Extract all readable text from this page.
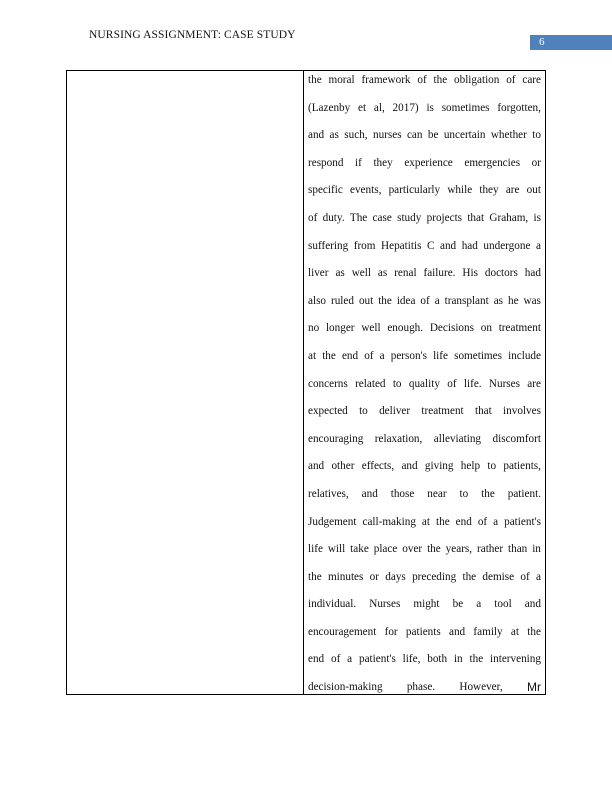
NURSING ASSIGNMENT: CASE STUDY
6
the moral framework of the obligation of care
(Lazenby et al, 2017) is sometimes forgotten,
and as such, nurses can be uncertain whether to
respond if they experience emergencies or
specific events, particularly while they are out
of duty. The case study projects that Graham, is
suffering from Hepatitis C and had undergone a
liver as well as renal failure. His doctors had
also ruled out the idea of a transplant as he was
no longer well enough. Decisions on treatment
at the end of a person's life sometimes include
concerns related to quality of life. Nurses are
expected to deliver treatment that involves
encouraging relaxation, alleviating discomfort
and other effects, and giving help to patients,
relatives, and those near to the patient.
Judgement call-making at the end of a patient's
life will take place over the years, rather than in
the minutes or days preceding the demise of a
individual. Nurses might be a tool and
encouragement for patients and family at the
end of a patient's life, both in the intervening
decision-making phase. However, Mr
